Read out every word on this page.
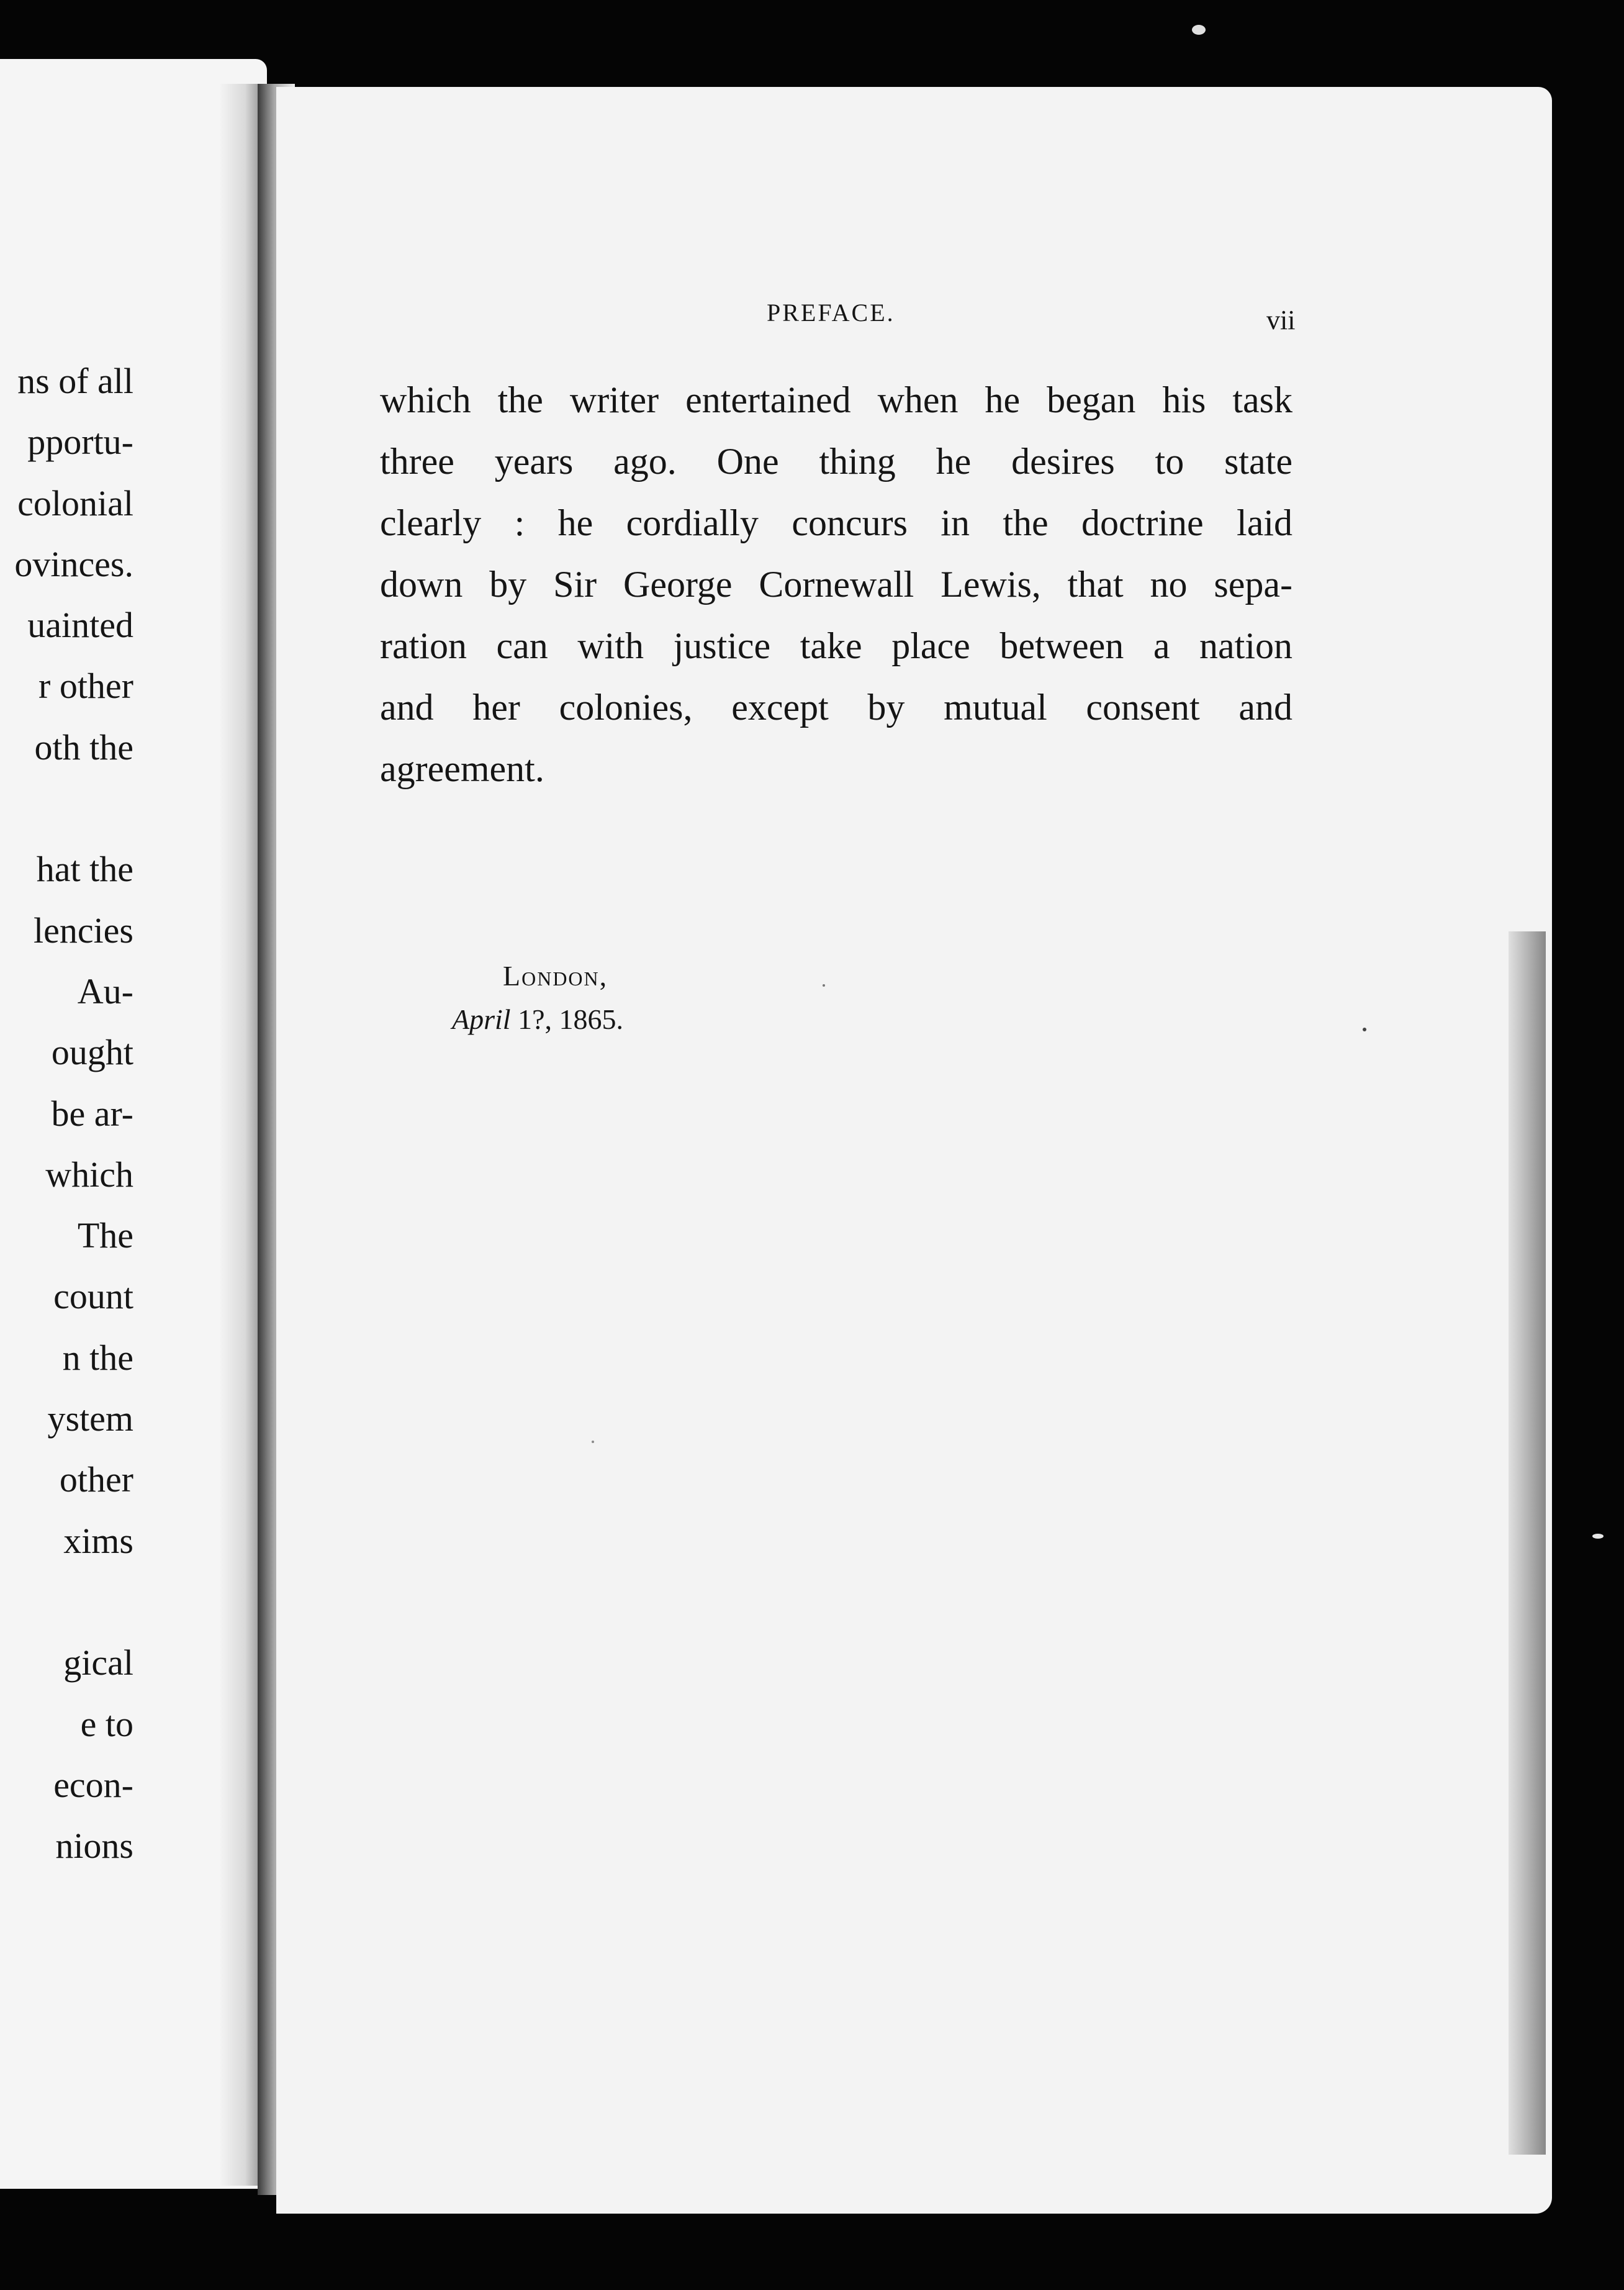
ns of all
pportu-
colonial
ovinces.
uainted
r other
oth the
hat the
lencies
Au-
ought
be ar-
which
The
count
n the
ystem
other
xims
gical
e to
econ-
nions
PREFACE.	vii
which the writer entertained when he began his task
three years ago. One thing he desires to state
clearly : he cordially concurs in the doctrine laid
down by Sir George Cornewall Lewis, that no sepa-
ration can with justice take place between a nation
and her colonies, except by mutual consent and
agreement.
London,
April 1?, 1865.
